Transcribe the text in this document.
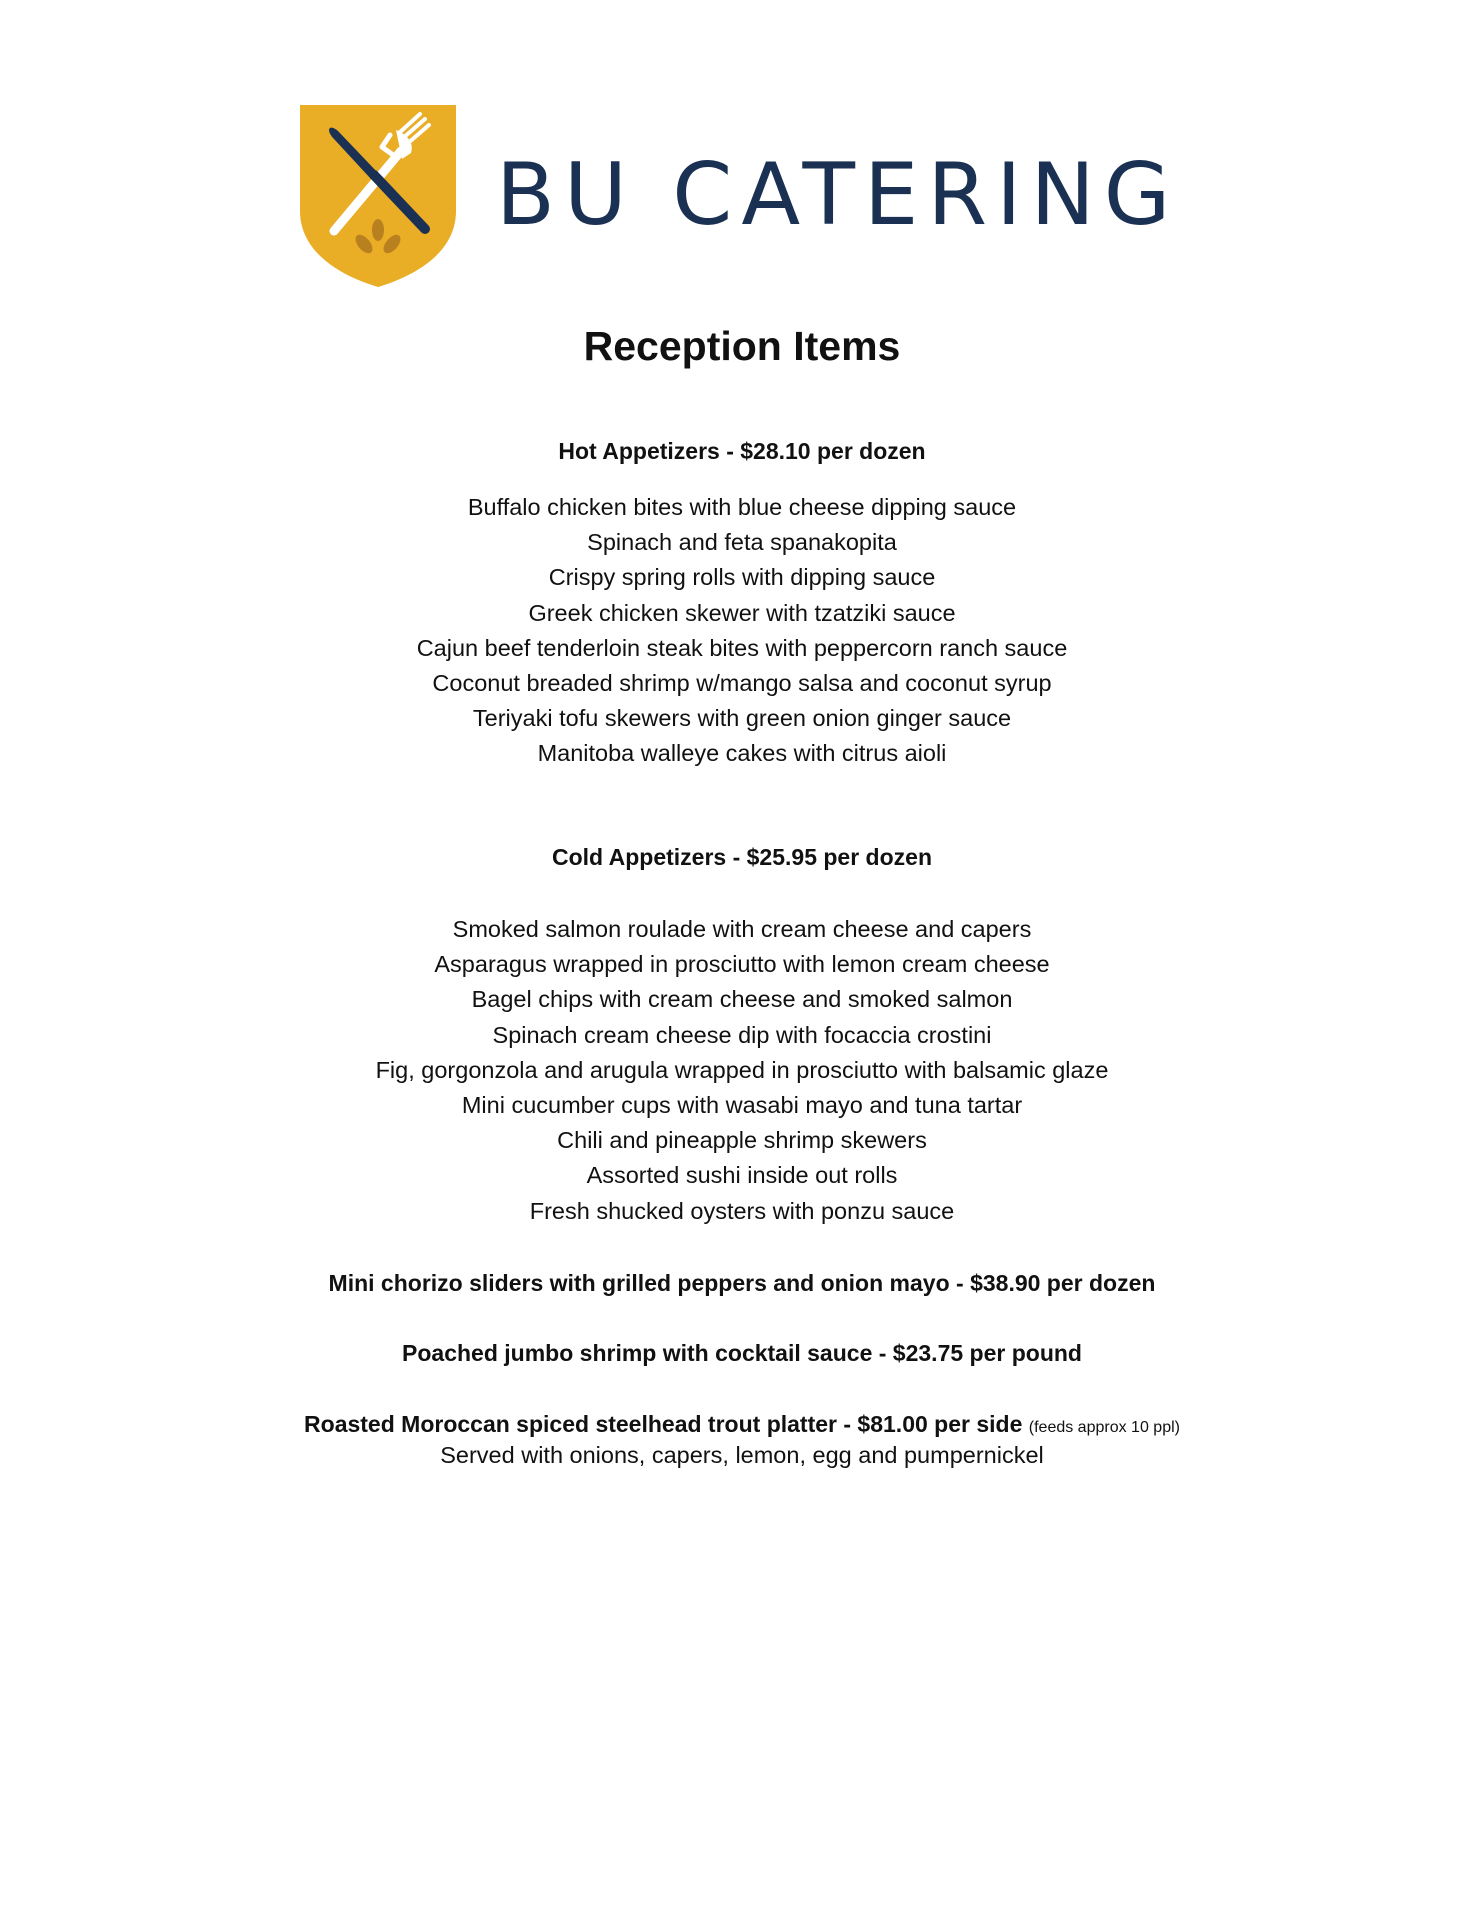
BU CATERING
Reception Items
Hot Appetizers - $28.10 per dozen
Buffalo chicken bites with blue cheese dipping sauce
Spinach and feta spanakopita
Crispy spring rolls with dipping sauce
Greek chicken skewer with tzatziki sauce
Cajun beef tenderloin steak bites with peppercorn ranch sauce
Coconut breaded shrimp w/mango salsa and coconut syrup
Teriyaki tofu skewers with green onion ginger sauce
Manitoba walleye cakes with citrus aioli
Cold Appetizers - $25.95 per dozen
Smoked salmon roulade with cream cheese and capers
Asparagus wrapped in prosciutto with lemon cream cheese
Bagel chips with cream cheese and smoked salmon
Spinach cream cheese dip with focaccia crostini
Fig, gorgonzola and arugula wrapped in prosciutto with balsamic glaze
Mini cucumber cups with wasabi mayo and tuna tartar
Chili and pineapple shrimp skewers
Assorted sushi inside out rolls
Fresh shucked oysters with ponzu sauce
Mini chorizo sliders with grilled peppers and onion mayo - $38.90 per dozen
Poached jumbo shrimp with cocktail sauce - $23.75 per pound
Roasted Moroccan spiced steelhead trout platter - $81.00 per side (feeds approx 10 ppl)
Served with onions, capers, lemon, egg and pumpernickel
